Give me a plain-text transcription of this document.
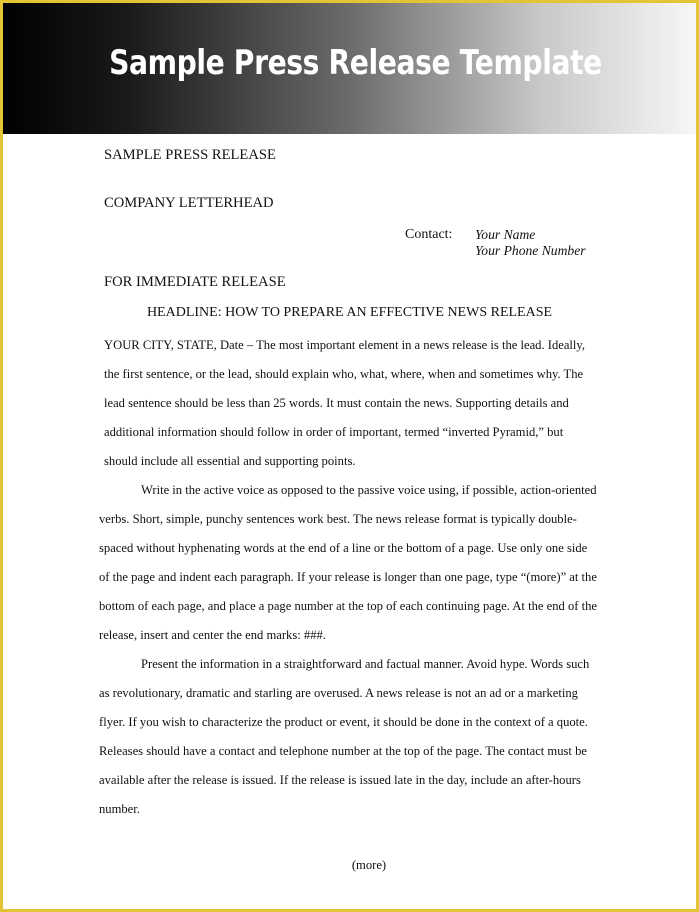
Sample Press Release Template
SAMPLE PRESS RELEASE
COMPANY LETTERHEAD
Contact: Your Name
Your Phone Number
FOR IMMEDIATE RELEASE
HEADLINE: HOW TO PREPARE AN EFFECTIVE NEWS RELEASE

YOUR CITY, STATE, Date – The most important element in a news release is the lead. Ideally,

the first sentence, or the lead, should explain who, what, where, when and sometimes why. The

lead sentence should be less than 25 words. It must contain the news. Supporting details and

additional information should follow in order of important, termed “inverted Pyramid,” but

should include all essential and supporting points.

Write in the active voice as opposed to the passive voice using, if possible, action-oriented

verbs. Short, simple, punchy sentences work best. The news release format is typically double-

spaced without hyphenating words at the end of a line or the bottom of a page. Use only one side

of the page and indent each paragraph. If your release is longer than one page, type “(more)” at the

bottom of each page, and place a page number at the top of each continuing page. At the end of the

release, insert and center the end marks: ###.

Present the information in a straightforward and factual manner. Avoid hype. Words such

as revolutionary, dramatic and starling are overused. A news release is not an ad or a marketing

flyer. If you wish to characterize the product or event, it should be done in the context of a quote.

Releases should have a contact and telephone number at the top of the page. The contact must be

available after the release is issued. If the release is issued late in the day, include an after-hours

number.

(more)
